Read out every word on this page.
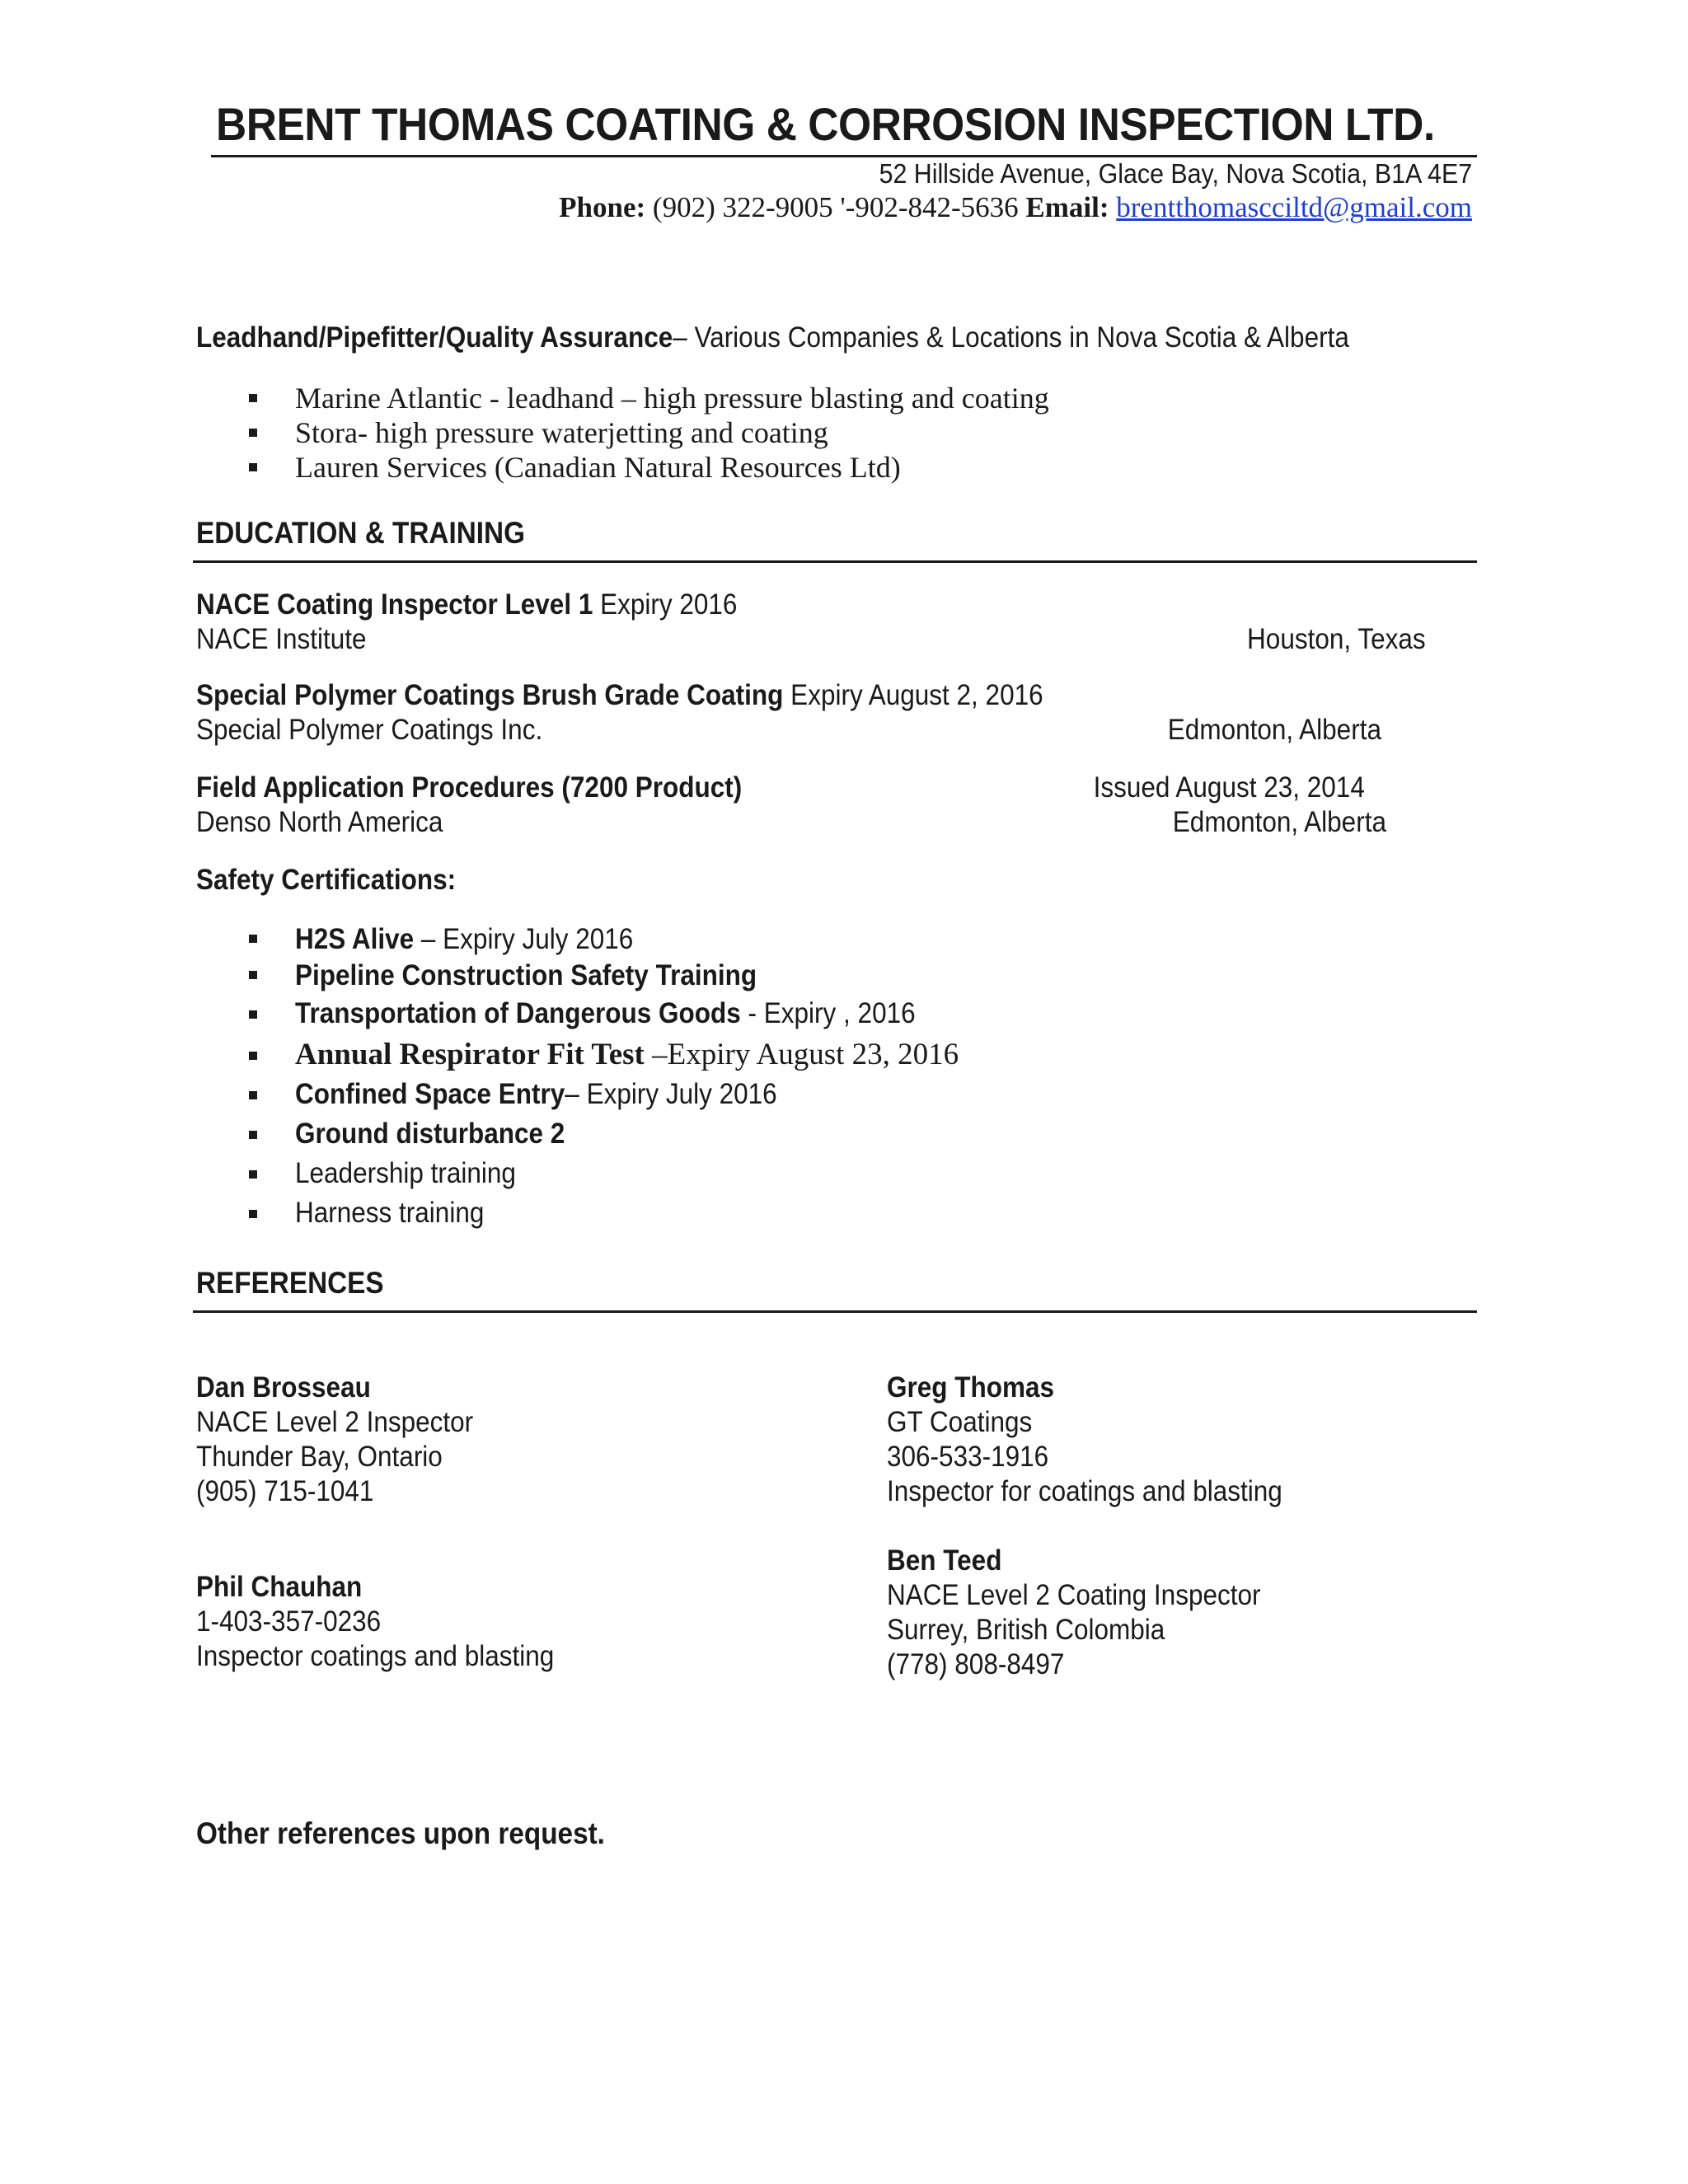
BRENT THOMAS COATING & CORROSION INSPECTION LTD.
52 Hillside Avenue, Glace Bay, Nova Scotia, B1A 4E7
Phone: (902) 322-9005 '-902-842-5636 Email: brentthomascciltd@gmail.com
Leadhand/Pipefitter/Quality Assurance– Various Companies & Locations in Nova Scotia & Alberta
Marine Atlantic - leadhand – high pressure blasting and coating
Stora- high pressure waterjetting and coating
Lauren Services (Canadian Natural Resources Ltd)
EDUCATION & TRAINING
NACE Coating Inspector Level 1 Expiry 2016
NACE Institute	Houston, Texas
Special Polymer Coatings Brush Grade Coating Expiry August 2, 2016
Special Polymer Coatings Inc.	Edmonton, Alberta
Field Application Procedures (7200 Product)	Issued August 23, 2014
Denso North America	Edmonton, Alberta
Safety Certifications:
H2S Alive – Expiry July 2016
Pipeline Construction Safety Training
Transportation of Dangerous Goods - Expiry , 2016
Annual Respirator Fit Test –Expiry August 23, 2016
Confined Space Entry– Expiry July 2016
Ground disturbance 2
Leadership training
Harness training
REFERENCES
Dan Brosseau
NACE Level 2 Inspector
Thunder Bay, Ontario
(905) 715-1041
Greg Thomas
GT Coatings
306-533-1916
Inspector for coatings and blasting
Ben Teed
NACE Level 2 Coating Inspector
Surrey, British Colombia
(778) 808-8497
Phil Chauhan
1-403-357-0236
Inspector coatings and blasting
Other references upon request.
